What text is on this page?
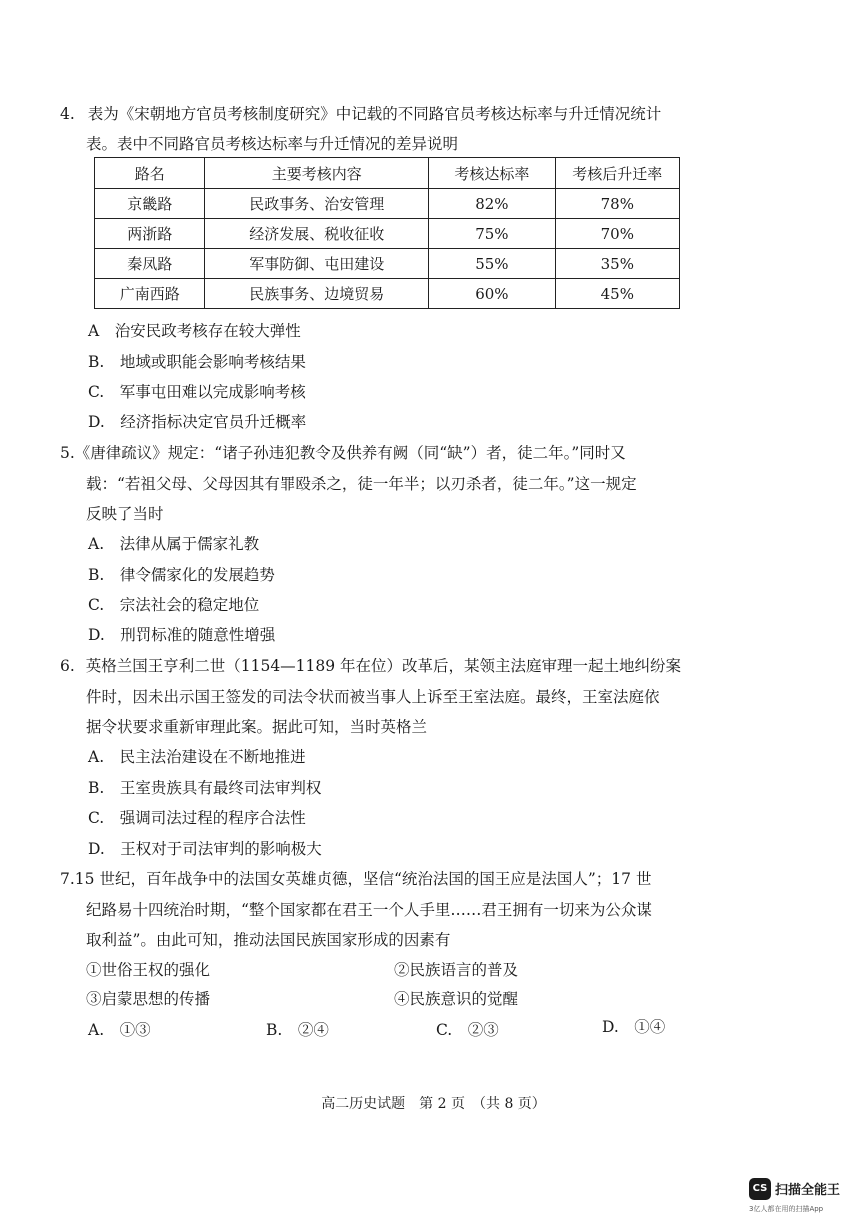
4. 表为《宋朝地方官员考核制度研究》中记载的不同路官员考核达标率与升迁情况统计
表。表中不同路官员考核达标率与升迁情况的差异说明
路名	主要考核内容	考核达标率	考核后升迁率
京畿路	民政事务、治安管理	82%	78%
两浙路	经济发展、税收征收	75%	70%
秦凤路	军事防御、屯田建设	55%	35%
广南西路	民族事务、边境贸易	60%	45%
A　治安民政考核存在较大弹性
B.　地域或职能会影响考核结果
C.　军事屯田难以完成影响考核
D.　经济指标决定官员升迁概率
5.《唐律疏议》规定：“诸子孙违犯教令及供养有阙（同“缺”）者，徒二年。”同时又
载：“若祖父母、父母因其有罪殴杀之，徒一年半；以刃杀者，徒二年。”这一规定
反映了当时
A.　法律从属于儒家礼教
B.　律令儒家化的发展趋势
C.　宗法社会的稳定地位
D.　刑罚标准的随意性增强
6. 英格兰国王亨利二世（1154—1189 年在位）改革后，某领主法庭审理一起土地纠纷案
件时，因未出示国王签发的司法令状而被当事人上诉至王室法庭。最终，王室法庭依
据令状要求重新审理此案。据此可知，当时英格兰
A.　民主法治建设在不断地推进
B.　王室贵族具有最终司法审判权
C.　强调司法过程的程序合法性
D.　王权对于司法审判的影响极大
7.15 世纪，百年战争中的法国女英雄贞德，坚信“统治法国的国王应是法国人”；17 世
纪路易十四统治时期，“整个国家都在君王一个人手里……君王拥有一切来为公众谋
取利益”。由此可知，推动法国民族国家形成的因素有
①世俗王权的强化	②民族语言的普及
③启蒙思想的传播	④民族意识的觉醒
A.　①③	B.　②④	C.　②③	D.　①④
高二历史试题　第 2 页　（共 8 页）
CS 扫描全能王
3亿人都在用的扫描App
